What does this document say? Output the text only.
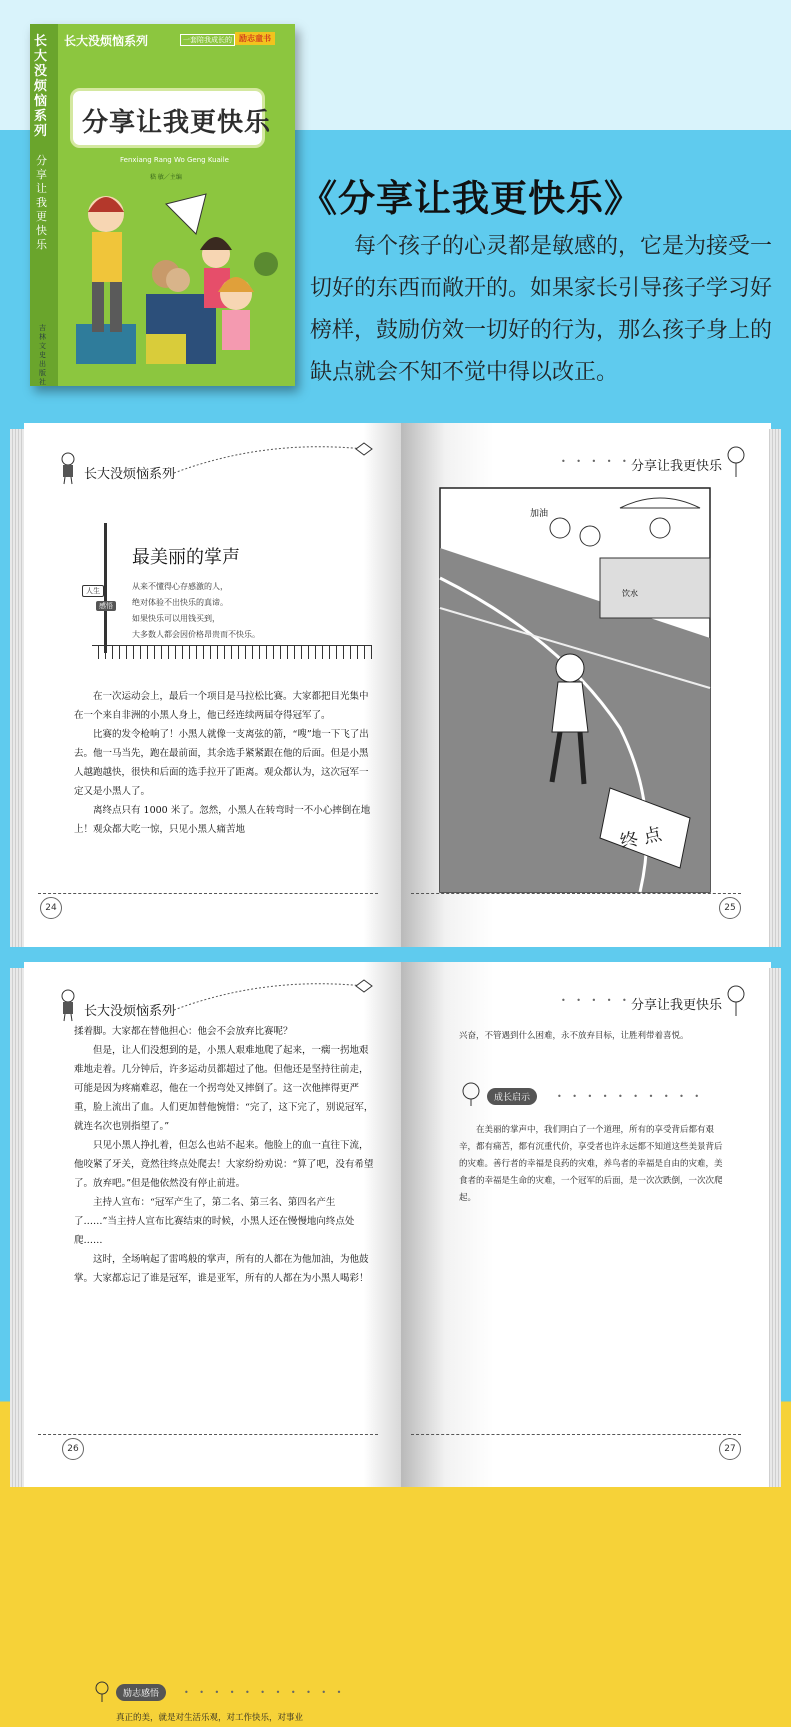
长大没烦恼系列
分享让我更快乐
吉林文史出版社
长大没烦恼系列	一套陪我成长的 励志童书
分享让我更快乐
Fenxiang Rang Wo Geng Kuaile
嵇 敏／主编	《分享让我更快乐》
每个孩子的心灵都是敏感的，它是为接受一切好的东西而敞开的。如果家长引导孩子学习好榜样，鼓励仿效一切好的行为，那么孩子身上的缺点就会不知不觉中得以改正。
长大没烦恼系列
人生
感悟
最美丽的掌声
从来不懂得心存感激的人，
绝对体验不出快乐的真谛。
如果快乐可以用钱买到，
大多数人都会因价格昂贵而不快乐。

在一次运动会上，最后一个项目是马拉松比赛。大家都把目光集中在一个来自非洲的小黑人身上，他已经连续两届夺得冠军了。

比赛的发令枪响了！小黑人就像一支离弦的箭，“嗖”地一下飞了出去。他一马当先，跑在最前面，其余选手紧紧跟在他的后面。但是小黑人越跑越快，很快和后面的选手拉开了距离。观众都认为，这次冠军一定又是小黑人了。

离终点只有 1000 米了。忽然，小黑人在转弯时一不小心摔倒在地上！观众都大吃一惊，只见小黑人痛苦地

24
• • • • • 分享让我更快乐
25
加油
饮水
终 点
长大没烦恼系列

揉着脚。大家都在替他担心：他会不会放弃比赛呢？

但是，让人们没想到的是，小黑人艰难地爬了起来，一瘸一拐地艰难地走着。几分钟后，许多运动员都超过了他。但他还是坚持往前走，可能是因为疼痛难忍，他在一个拐弯处又摔倒了。这一次他摔得更严重，脸上流出了血。人们更加替他惋惜：“完了，这下完了，别说冠军，就连名次也别指望了。”

只见小黑人挣扎着，但怎么也站不起来。他脸上的血一直往下流，他咬紧了牙关，竟然往终点处爬去！大家纷纷劝说：“算了吧，没有希望了。放弃吧。”但是他依然没有停止前进。

主持人宣布：“冠军产生了，第二名、第三名、第四名产生了……”当主持人宣布比赛结束的时候，小黑人还在慢慢地向终点处爬……

这时，全场响起了雷鸣般的掌声，所有的人都在为他加油，为他鼓掌。大家都忘记了谁是冠军，谁是亚军，所有的人都在为小黑人喝彩！

励志感悟	• • • • • • • • • • •
真正的美，就是对生活乐观，对工作快乐，对事业
26
• • • • • 分享让我更快乐
兴奋，不管遇到什么困难，永不放弃目标，让胜利带着喜悦。
成长启示	• • • • • • • • • •
在美丽的掌声中，我们明白了一个道理，所有的享受背后都有艰辛，都有痛苦，都有沉重代价，享受者也许永远都不知道这些美景背后的灾难。善行者的幸福是良药的灾难，养鸟者的幸福是自由的灾难，美食者的幸福是生命的灾难，一个冠军的后面，是一次次跌倒，一次次爬起。
27
